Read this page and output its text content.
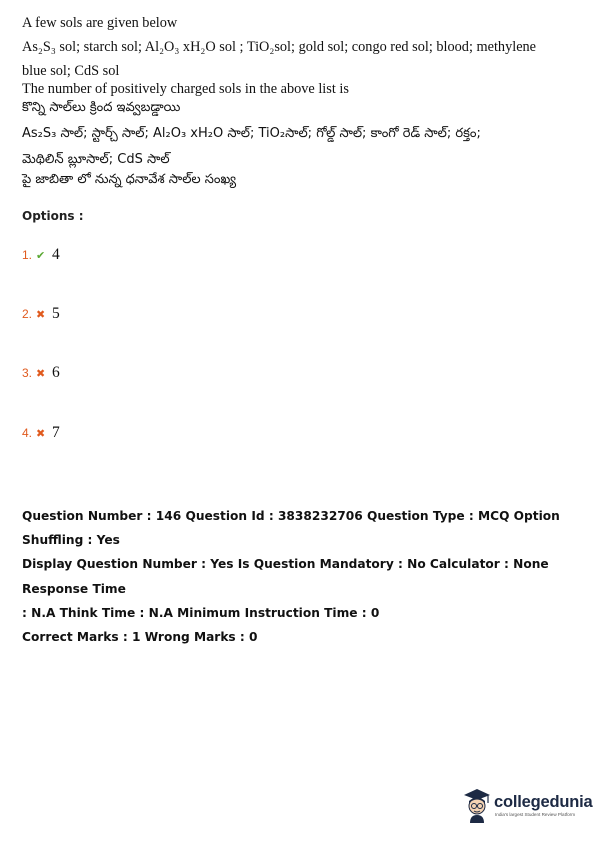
A few sols are given below
As₂S₃ sol; starch sol; Al₂O₃ xH₂O sol ; TiO₂sol; gold sol; congo red sol; blood; methylene
blue sol; CdS sol
The number of positively charged sols in the above list is
కొన్ని సాల్‌లు క్రింద ఇవ్వబడ్డాయి
As₂S₃ సాల్; స్టార్చ్ సాల్; Al₂O₃ xH₂O సాల్; TiO₂సాల్; గోల్డ్ సాల్; కాంగో రెడ్ సాల్; రక్తం;
మెథిలిన్ బ్లూసాల్; CdS సాల్
పై జాబితా లో నున్న ధనావేశ సాల్‌ల సంఖ్య
Options :
1. ✔ 4
2. ✖ 5
3. ✖ 6
4. ✖ 7

Question Number : 146 Question Id : 3838232706 Question Type : MCQ Option Shuffling : Yes

Display Question Number : Yes Is Question Mandatory : No Calculator : None Response Time

: N.A Think Time : N.A Minimum Instruction Time : 0

Correct Marks : 1 Wrong Marks : 0

collegedunia
India's largest Student Review Platform
